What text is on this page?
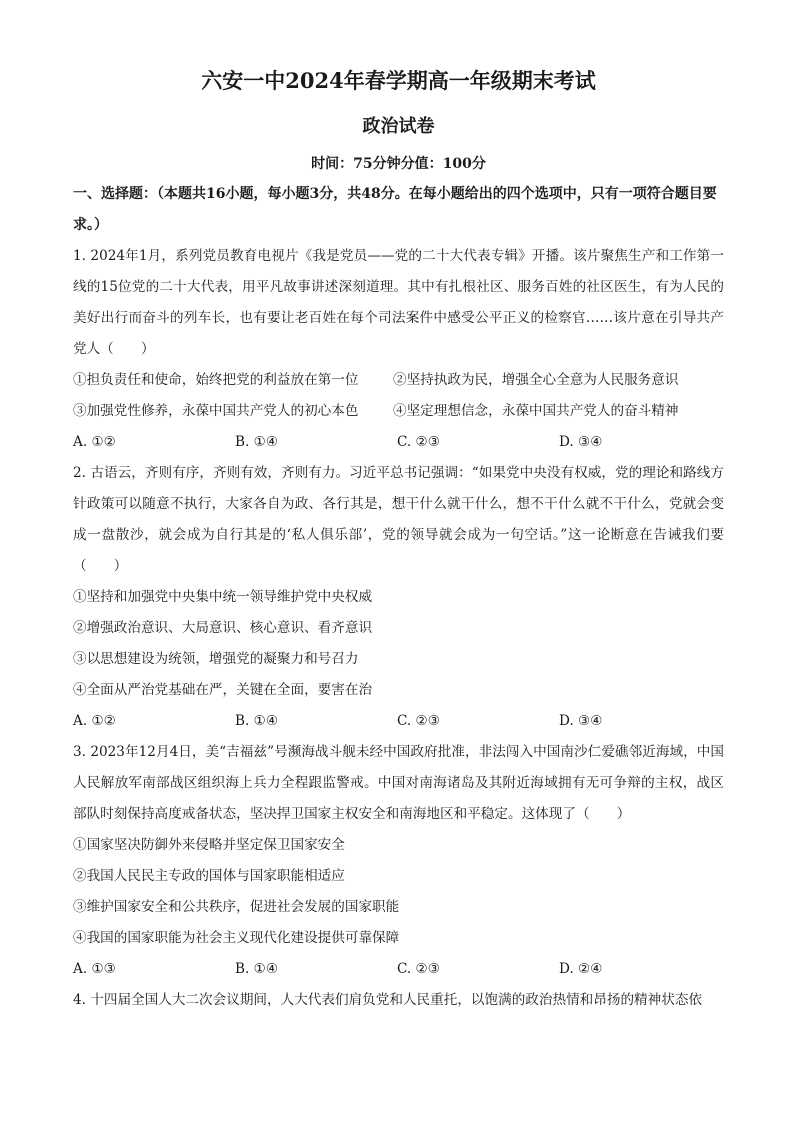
六安一中2024年春学期高一年级期末考试
政治试卷
时间：75分钟分值：100分
一、选择题：（本题共16小题，每小题3分，共48分。在每小题给出的四个选项中，只有一项符合题目要求。）
1. 2024年1月，系列党员教育电视片《我是党员——党的二十大代表专辑》开播。该片聚焦生产和工作第一线的15位党的二十大代表，用平凡故事讲述深刻道理。其中有扎根社区、服务百姓的社区医生，有为人民的美好出行而奋斗的列车长，也有要让老百姓在每个司法案件中感受公平正义的检察官……该片意在引导共产党人（　　）
①担负责任和使命，始终把党的利益放在第一位	②坚持执政为民，增强全心全意为人民服务意识
③加强党性修养，永葆中国共产党人的初心本色	④坚定理想信念，永葆中国共产党人的奋斗精神
A. ①②	B. ①④	C. ②③	D. ③④
2. 古语云，齐则有序，齐则有效，齐则有力。习近平总书记强调：“如果党中央没有权威，党的理论和路线方针政策可以随意不执行，大家各自为政、各行其是，想干什么就干什么，想不干什么就不干什么，党就会变成一盘散沙，就会成为自行其是的‘私人俱乐部’，党的领导就会成为一句空话。”这一论断意在告诫我们要（　　）
①坚持和加强党中央集中统一领导维护党中央权威
②增强政治意识、大局意识、核心意识、看齐意识
③以思想建设为统领，增强党的凝聚力和号召力
④全面从严治党基础在严，关键在全面，要害在治
A. ①②	B. ①④	C. ②③	D. ③④
3. 2023年12月4日，美“吉福兹”号濒海战斗舰未经中国政府批准，非法闯入中国南沙仁爱礁邻近海域，中国人民解放军南部战区组织海上兵力全程跟监警戒。中国对南海诸岛及其附近海域拥有无可争辩的主权，战区部队时刻保持高度戒备状态，坚决捍卫国家主权安全和南海地区和平稳定。这体现了（　　）
①国家坚决防御外来侵略并坚定保卫国家安全
②我国人民民主专政的国体与国家职能相适应
③维护国家安全和公共秩序，促进社会发展的国家职能
④我国的国家职能为社会主义现代化建设提供可靠保障
A. ①③	B. ①④	C. ②③	D. ②④
4. 十四届全国人大二次会议期间，人大代表们肩负党和人民重托，以饱满的政治热情和昂扬的精神状态依
